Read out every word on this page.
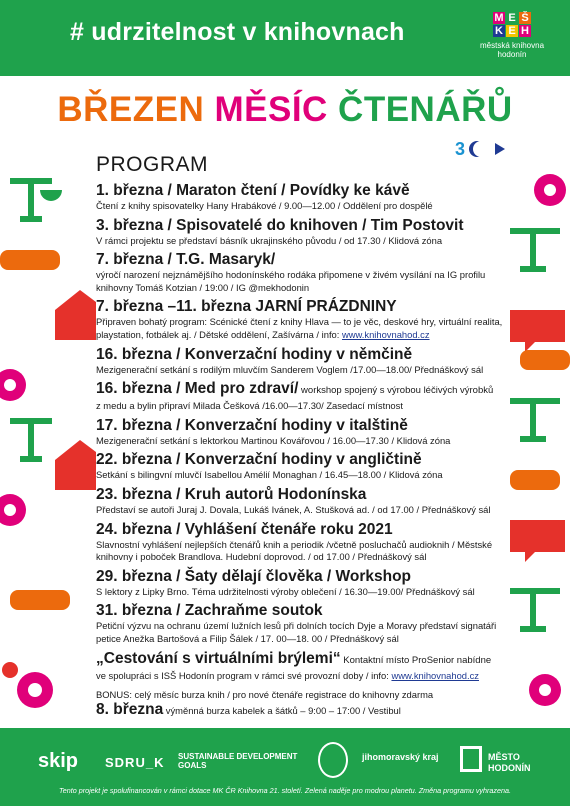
# udrzitelnost v knihovnach	M E Š
K E H
městská knihovna
hodonín
BŘEZEN MĚSÍC ČTENÁŘŮ
3
PROGRAM
1. března / Maraton čtení / Povídky ke kávě
Čtení z knihy spisovatelky Hany Hrabákové / 9.00—12.00 / Oddělení pro dospělé
3. března / Spisovatelé do knihoven / Tim Postovit
V rámci projektu se představí básník ukrajinského původu / od 17.30 / Klidová zóna
7. března / T.G. Masaryk/
výročí narození nejznámějšího hodonínského rodáka připomene v živém vysílání na IG profilu knihovny Tomáš Kotzian / 19:00 / IG @mekhodonin
7. března –11. března JARNÍ PRÁZDNINY
Připraven bohatý program: Scénické čtení z knihy Hlava — to je věc, deskové hry, virtuální realita, playstation, fotbálek aj. / Dětské oddělení, Zašívárna / info: www.knihovnahod.cz
16. března / Konverzační hodiny v němčině
Mezigenerační setkání s rodilým mluvčím Sanderem Voglem /17.00—18.00/ Přednáškový sál
16. března / Med pro zdraví/ workshop spojený s výrobou léčivých výrobků
z medu a bylin připraví Milada Češková /16.00—17.30/ Zasedací místnost
17. března / Konverzační hodiny v italštině
Mezigenerační setkání s lektorkou Martinou Kovářovou / 16.00—17.30 / Klidová zóna
22. března / Konverzační hodiny v angličtině
Setkání s bilingvní mluvčí Isabellou Amélií Monaghan / 16.45—18.00 / Klidová zóna
23. března / Kruh autorů Hodonínska
Představí se autoři Juraj J. Dovala, Lukáš Ivánek, A. Stušková ad. / od 17.00 / Přednáškový sál
24. března / Vyhlášení čtenáře roku 2021
Slavnostní vyhlášení nejlepších čtenářů knih a periodik /včetně posluchačů audioknih / Městské knihovny i poboček Brandlova. Hudební doprovod. / od 17.00 / Přednáškový sál
29. března / Šaty dělají člověka / Workshop
S lektory z Lipky Brno. Téma udržitelnosti výroby oblečení / 16.30—19.00/ Přednáškový sál
31. března / Zachraňme soutok
Petiční výzvu na ochranu území lužních lesů při dolních tocích Dyje a Moravy představí signatáři petice Anežka Bartošová a Filip Šálek / 17. 00—18. 00 / Přednáškový sál
„Cestování s virtuálními brýlemi“ Kontaktní místo ProSenior nabídne
ve spolupráci s ISŠ Hodonín program v rámci své provozní doby / info: www.knihovnahod.cz
BONUS: celý měsíc burza knih / pro nové čtenáře registrace do knihovny zdarma
8. března výměnná burza kabelek a šátků – 9:00 – 17:00 / Vestibul
skip SDRU_K SUSTAINABLE DEVELOPMENT GOALS
jihomoravský kraj	MĚSTO HODONÍN
Tento projekt je spolufinancován v rámci dotace MK ČR Knihovna 21. století. Zelená naděje pro modrou planetu. Změna programu vyhrazena.
